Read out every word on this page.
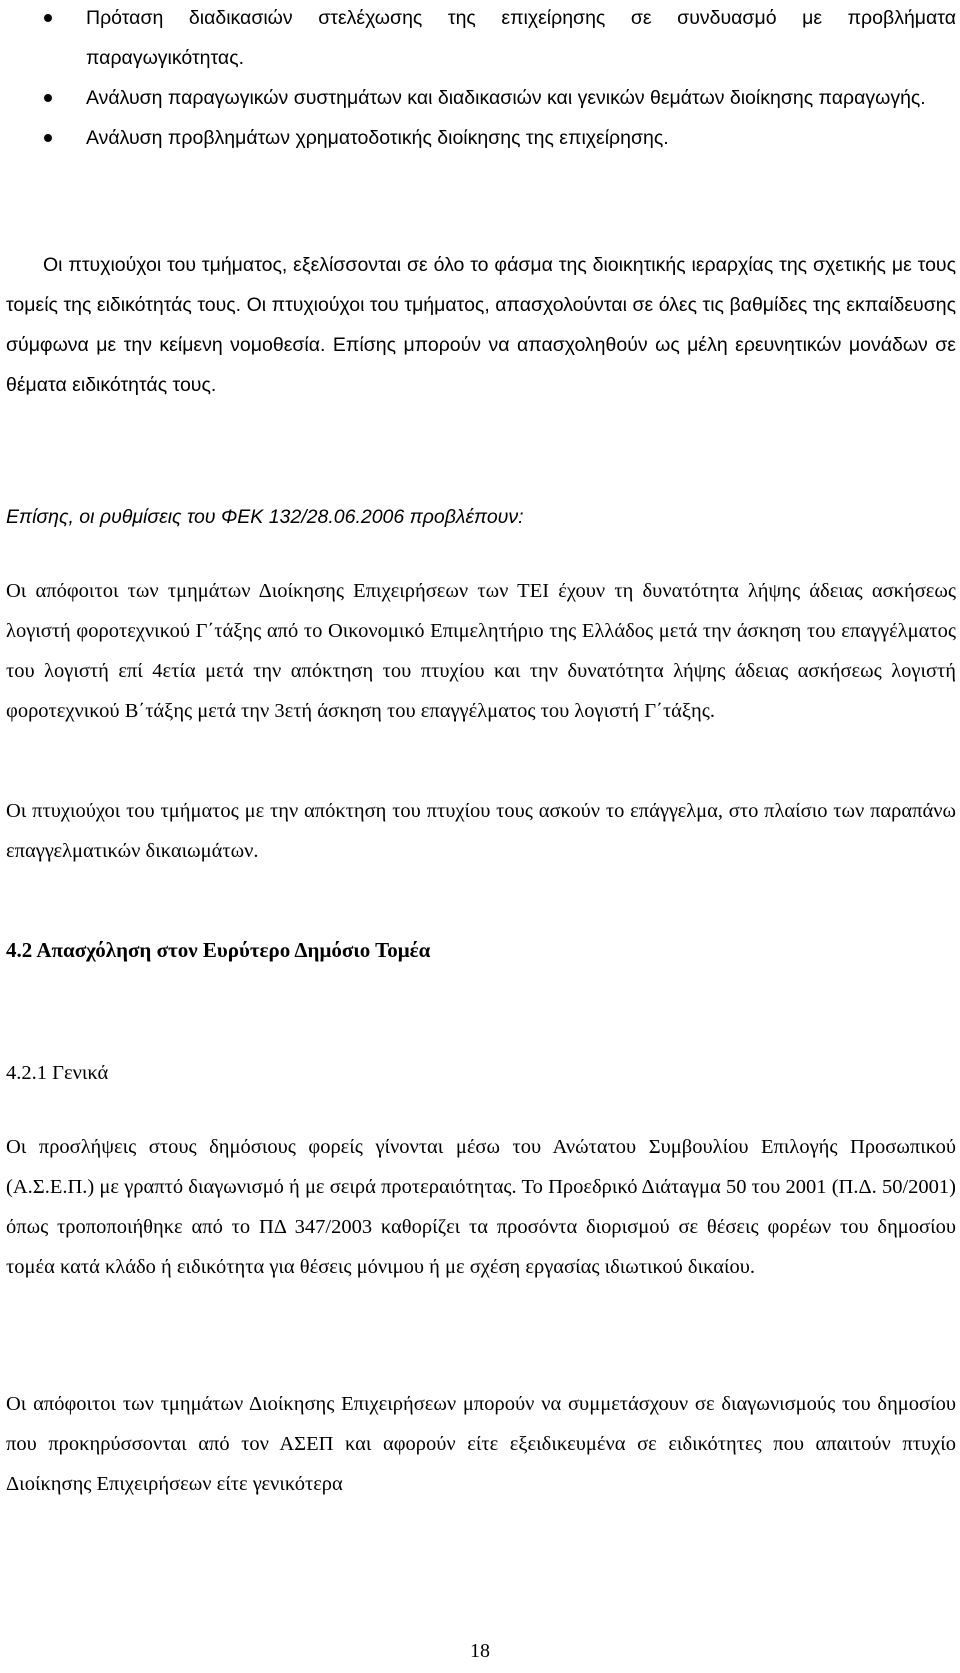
Πρόταση διαδικασιών στελέχωσης της επιχείρησης σε συνδυασμό με προβλήματα παραγωγικότητας.
Ανάλυση παραγωγικών συστημάτων και διαδικασιών και γενικών θεμάτων διοίκησης παραγωγής.
Ανάλυση προβλημάτων χρηματοδοτικής διοίκησης της επιχείρησης.

Οι πτυχιούχοι του τμήματος, εξελίσσονται σε όλο το φάσμα της διοικητικής ιεραρχίας της σχετικής με τους τομείς της ειδικότητάς τους. Οι πτυχιούχοι του τμήματος, απασχολούνται σε όλες τις βαθμίδες της εκπαίδευσης σύμφωνα με την κείμενη νομοθεσία. Επίσης μπορούν να απασχοληθούν ως μέλη ερευνητικών μονάδων σε θέματα ειδικότητάς τους.

Επίσης, οι ρυθμίσεις του ΦΕΚ 132/28.06.2006 προβλέπουν:

Οι απόφοιτοι των τμημάτων Διοίκησης Επιχειρήσεων των ΤΕΙ έχουν τη δυνατότητα λήψης άδειας ασκήσεως λογιστή φοροτεχνικού Γ΄τάξης από το Οικονομικό Επιμελητήριο της Ελλάδος μετά την άσκηση του επαγγέλματος του λογιστή επί 4ετία μετά την απόκτηση του πτυχίου και την δυνατότητα λήψης άδειας ασκήσεως λογιστή φοροτεχνικού Β΄τάξης μετά την 3ετή άσκηση του επαγγέλματος του λογιστή Γ΄τάξης.

Οι πτυχιούχοι του τμήματος με την απόκτηση του πτυχίου τους ασκούν το επάγγελμα, στο πλαίσιο των παραπάνω επαγγελματικών δικαιωμάτων.

4.2 Απασχόληση στον Ευρύτερο Δημόσιο Τομέα

4.2.1 Γενικά

Οι προσλήψεις στους δημόσιους φορείς γίνονται μέσω του Ανώτατου Συμβουλίου Επιλογής Προσωπικού (Α.Σ.Ε.Π.) με γραπτό διαγωνισμό ή με σειρά προτεραιότητας. Το Προεδρικό Διάταγμα 50 του 2001 (Π.Δ. 50/2001) όπως τροποποιήθηκε από το ΠΔ 347/2003 καθορίζει τα προσόντα διορισμού σε θέσεις φορέων του δημοσίου τομέα κατά κλάδο ή ειδικότητα για θέσεις μόνιμου ή με σχέση εργασίας ιδιωτικού δικαίου.

Οι απόφοιτοι των τμημάτων Διοίκησης Επιχειρήσεων μπορούν να συμμετάσχουν σε διαγωνισμούς του δημοσίου που προκηρύσσονται από τον ΑΣΕΠ και αφορούν είτε εξειδικευμένα σε ειδικότητες που απαιτούν πτυχίο Διοίκησης Επιχειρήσεων είτε γενικότερα

18
